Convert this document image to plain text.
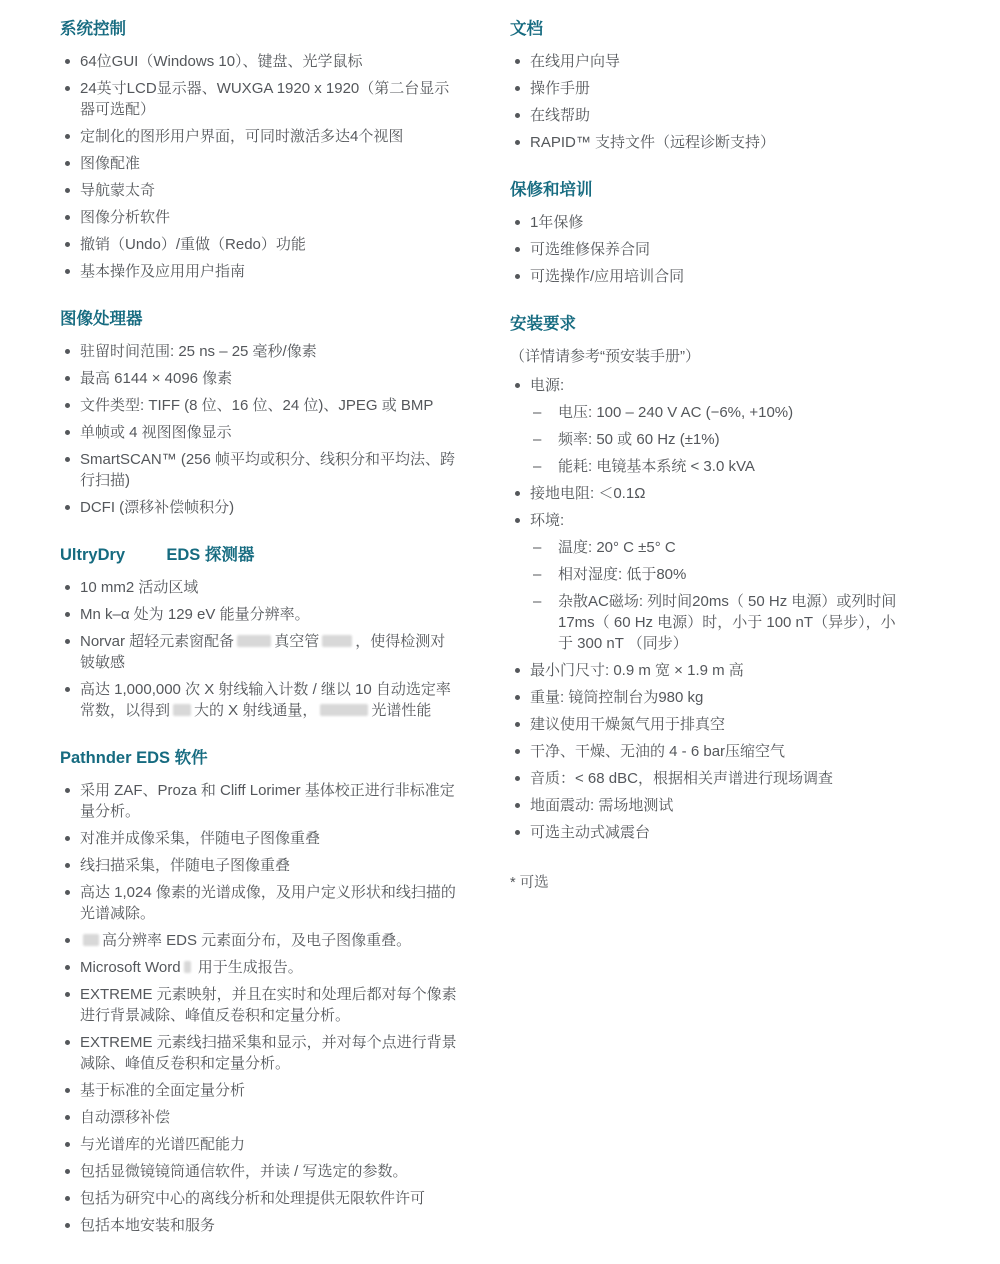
系统控制
64位GUI（Windows 10）、键盘、光学鼠标
24英寸LCD显示器、WUXGA 1920 x 1920（第二台显示器可选配）
定制化的图形用户界面，可同时激活多达4个视图
图像配准
导航蒙太奇
图像分析软件
撤销（Undo）/重做（Redo）功能
基本操作及应用用户指南
图像处理器
驻留时间范围: 25 ns – 25 毫秒/像素
最高 6144 × 4096 像素
文件类型: TIFF (8 位、16 位、24 位)、JPEG 或 BMP
单帧或 4 视图图像显示
SmartSCAN™ (256 帧平均或积分、线积分和平均法、跨行扫描)
DCFI (漂移补偿帧积分)
UltryDry         EDS 探测器
10 mm2 活动区域
Mn k–α 处为 129 eV 能量分辨率。
Norvar 超轻元素窗配备	真空管 ，使得检测对铍敏感
高达 1,000,000 次 X 射线输入计数 / 继以 10 自动选定率常数，以得到 大的 X 射线通量，	光谱性能
Pathnder EDS 软件
采用 ZAF、Proza 和 Cliff Lorimer 基体校正进行非标准定量分析。
对准并成像采集，伴随电子图像重叠
线扫描采集，伴随电子图像重叠
高达 1,024 像素的光谱成像，及用户定义形状和线扫描的光谱减除。
高分辨率 EDS 元素面分布，及电子图像重叠。
Microsoft Word 用于生成报告。
EXTREME 元素映射，并且在实时和处理后都对每个像素进行背景减除、峰值反卷积和定量分析。
EXTREME 元素线扫描采集和显示，并对每个点进行背景减除、峰值反卷积和定量分析。
基于标准的全面定量分析
自动漂移补偿
与光谱库的光谱匹配能力
包括显微镜镜筒通信软件，并读 / 写选定的参数。
包括为研究中心的离线分析和处理提供无限软件许可
包括本地安装和服务
文档
在线用户向导
操作手册
在线帮助
RAPID™ 支持文件（远程诊断支持）
保修和培训
1年保修
可选维修保养合同
可选操作/应用培训合同
安装要求

（详情请参考“预安装手册”）

电源:
– 电压: 100 – 240 V AC (−6%, +10%)
– 频率: 50 或 60 Hz (±1%)
– 能耗: 电镜基本系统 < 3.0 kVA
接地电阻: ＜0.1Ω
环境:
– 温度: 20° C ±5° C
– 相对湿度: 低于80%
– 杂散AC磁场: 列时间20ms（ 50 Hz 电源）或列时间17ms（ 60 Hz 电源）时，小于 100 nT（异步），小于 300 nT （同步）
最小门尺寸: 0.9 m 宽 × 1.9 m 高
重量: 镜筒控制台为980 kg
建议使用干燥氮气用于排真空
干净、干燥、无油的 4 - 6 bar压缩空气
音质：< 68 dBC，根据相关声谱进行现场调查
地面震动: 需场地测试
可选主动式减震台

* 可选
